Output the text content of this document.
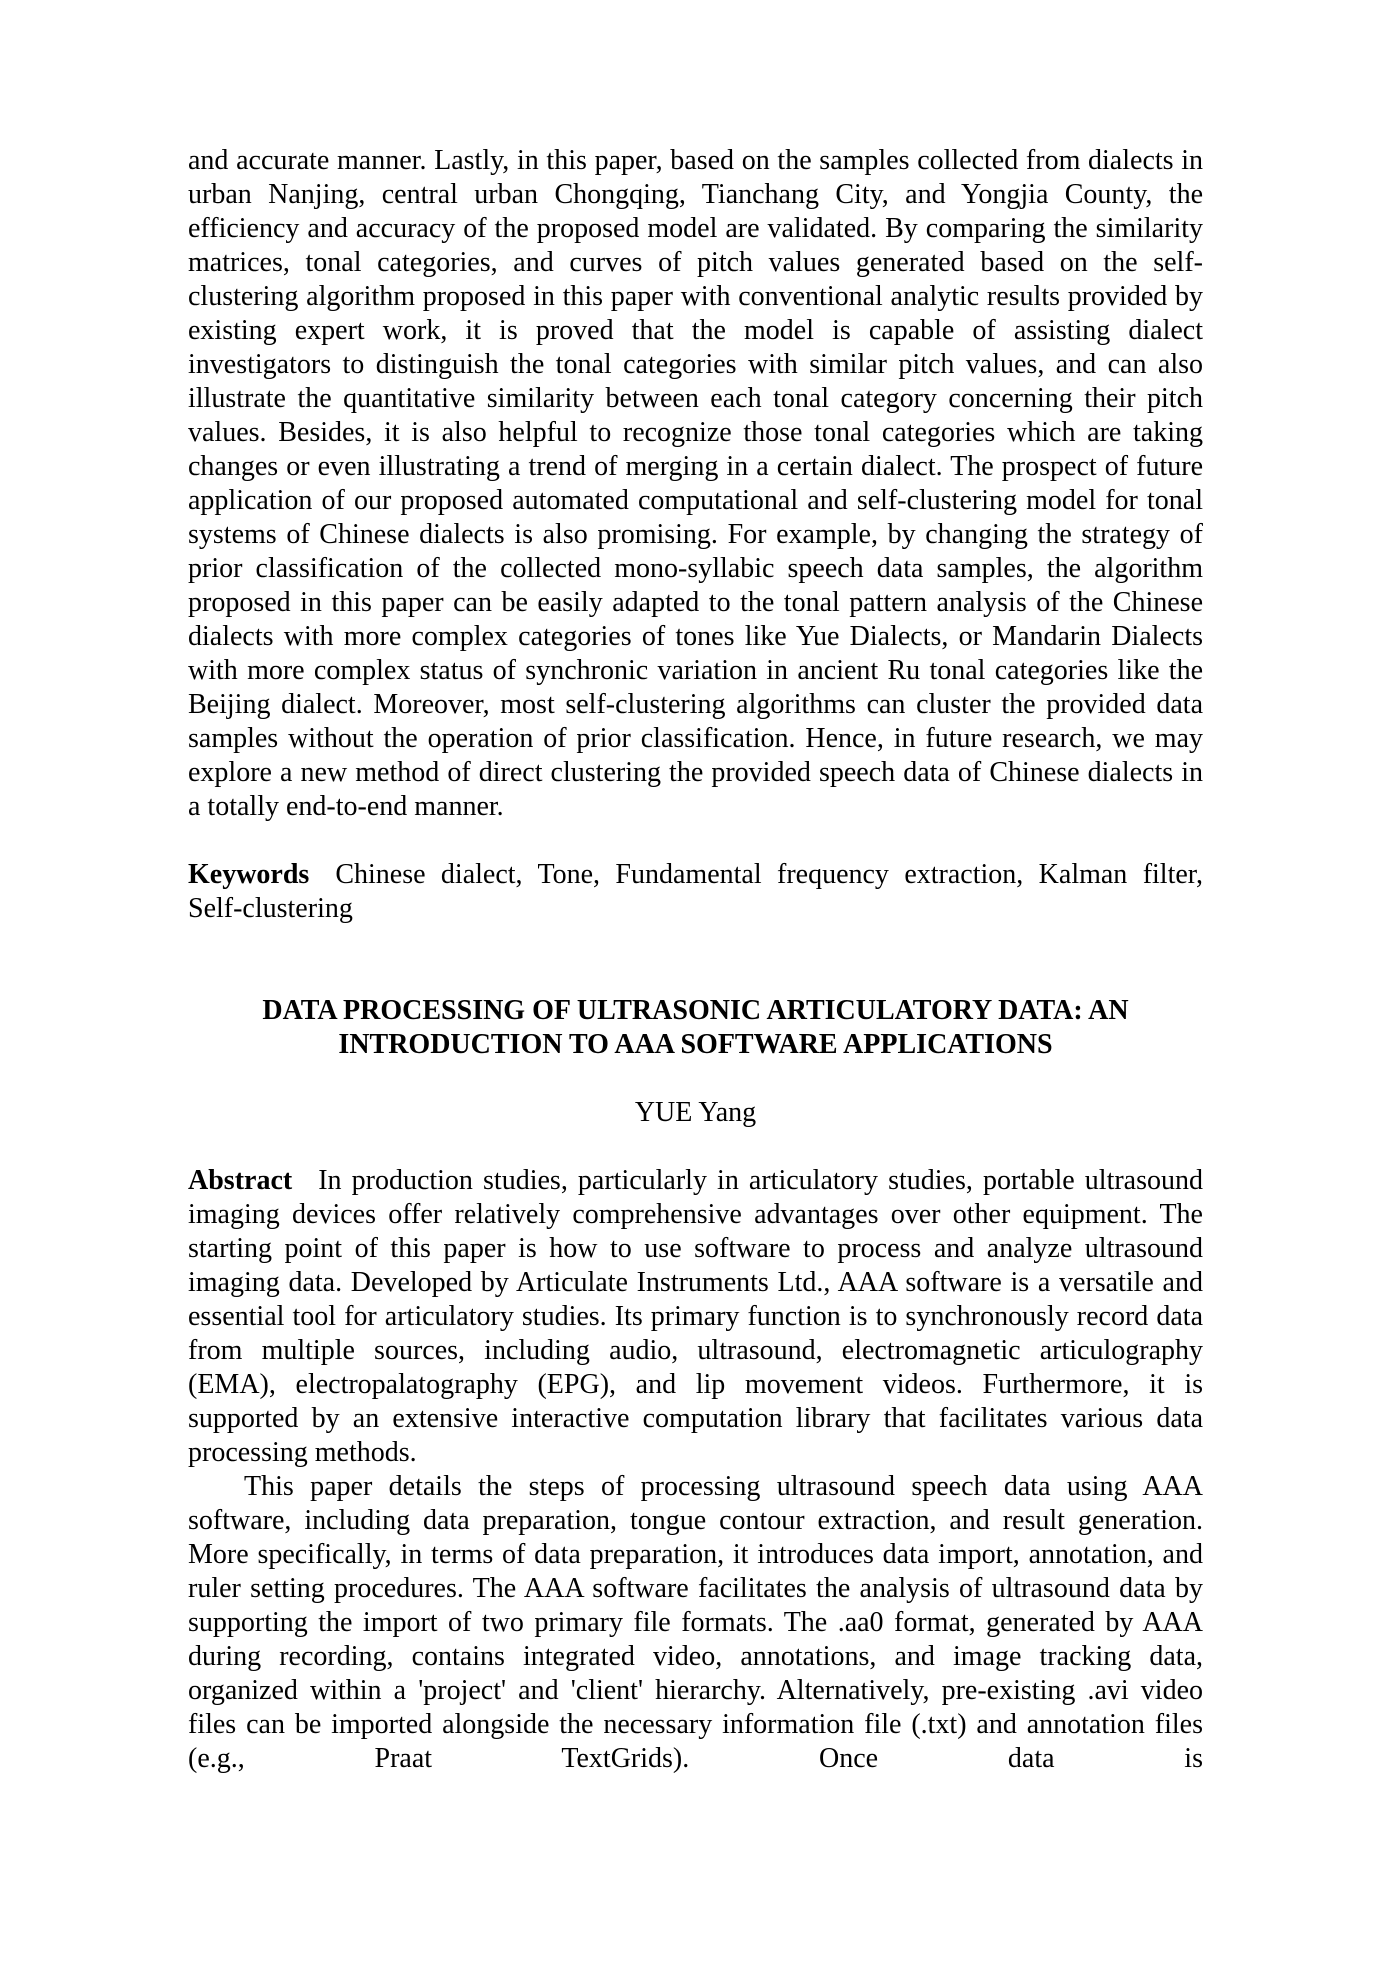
and accurate manner. Lastly, in this paper, based on the samples collected from dialects in urban Nanjing, central urban Chongqing, Tianchang City, and Yongjia County, the efficiency and accuracy of the proposed model are validated. By comparing the similarity matrices, tonal categories, and curves of pitch values generated based on the self-clustering algorithm proposed in this paper with conventional analytic results provided by existing expert work, it is proved that the model is capable of assisting dialect investigators to distinguish the tonal categories with similar pitch values, and can also illustrate the quantitative similarity between each tonal category concerning their pitch values. Besides, it is also helpful to recognize those tonal categories which are taking changes or even illustrating a trend of merging in a certain dialect. The prospect of future application of our proposed automated computational and self-clustering model for tonal systems of Chinese dialects is also promising. For example, by changing the strategy of prior classification of the collected mono-syllabic speech data samples, the algorithm proposed in this paper can be easily adapted to the tonal pattern analysis of the Chinese dialects with more complex categories of tones like Yue Dialects, or Mandarin Dialects with more complex status of synchronic variation in ancient Ru tonal categories like the Beijing dialect. Moreover, most self-clustering algorithms can cluster the provided data samples without the operation of prior classification. Hence, in future research, we may explore a new method of direct clustering the provided speech data of Chinese dialects in a totally end-to-end manner.

Keywords Chinese dialect, Tone, Fundamental frequency extraction, Kalman filter, Self-clustering

DATA PROCESSING OF ULTRASONIC ARTICULATORY DATA: AN
INTRODUCTION TO AAA SOFTWARE APPLICATIONS

YUE Yang

Abstract In production studies, particularly in articulatory studies, portable ultrasound imaging devices offer relatively comprehensive advantages over other equipment. The starting point of this paper is how to use software to process and analyze ultrasound imaging data. Developed by Articulate Instruments Ltd., AAA software is a versatile and essential tool for articulatory studies. Its primary function is to synchronously record data from multiple sources, including audio, ultrasound, electromagnetic articulography (EMA), electropalatography (EPG), and lip movement videos. Furthermore, it is supported by an extensive interactive computation library that facilitates various data processing methods.

This paper details the steps of processing ultrasound speech data using AAA software, including data preparation, tongue contour extraction, and result generation. More specifically, in terms of data preparation, it introduces data import, annotation, and ruler setting procedures. The AAA software facilitates the analysis of ultrasound data by supporting the import of two primary file formats. The .aa0 format, generated by AAA during recording, contains integrated video, annotations, and image tracking data, organized within a 'project' and 'client' hierarchy. Alternatively, pre-existing .avi video files can be imported alongside the necessary information file (.txt) and annotation files (e.g., Praat TextGrids). Once data is
